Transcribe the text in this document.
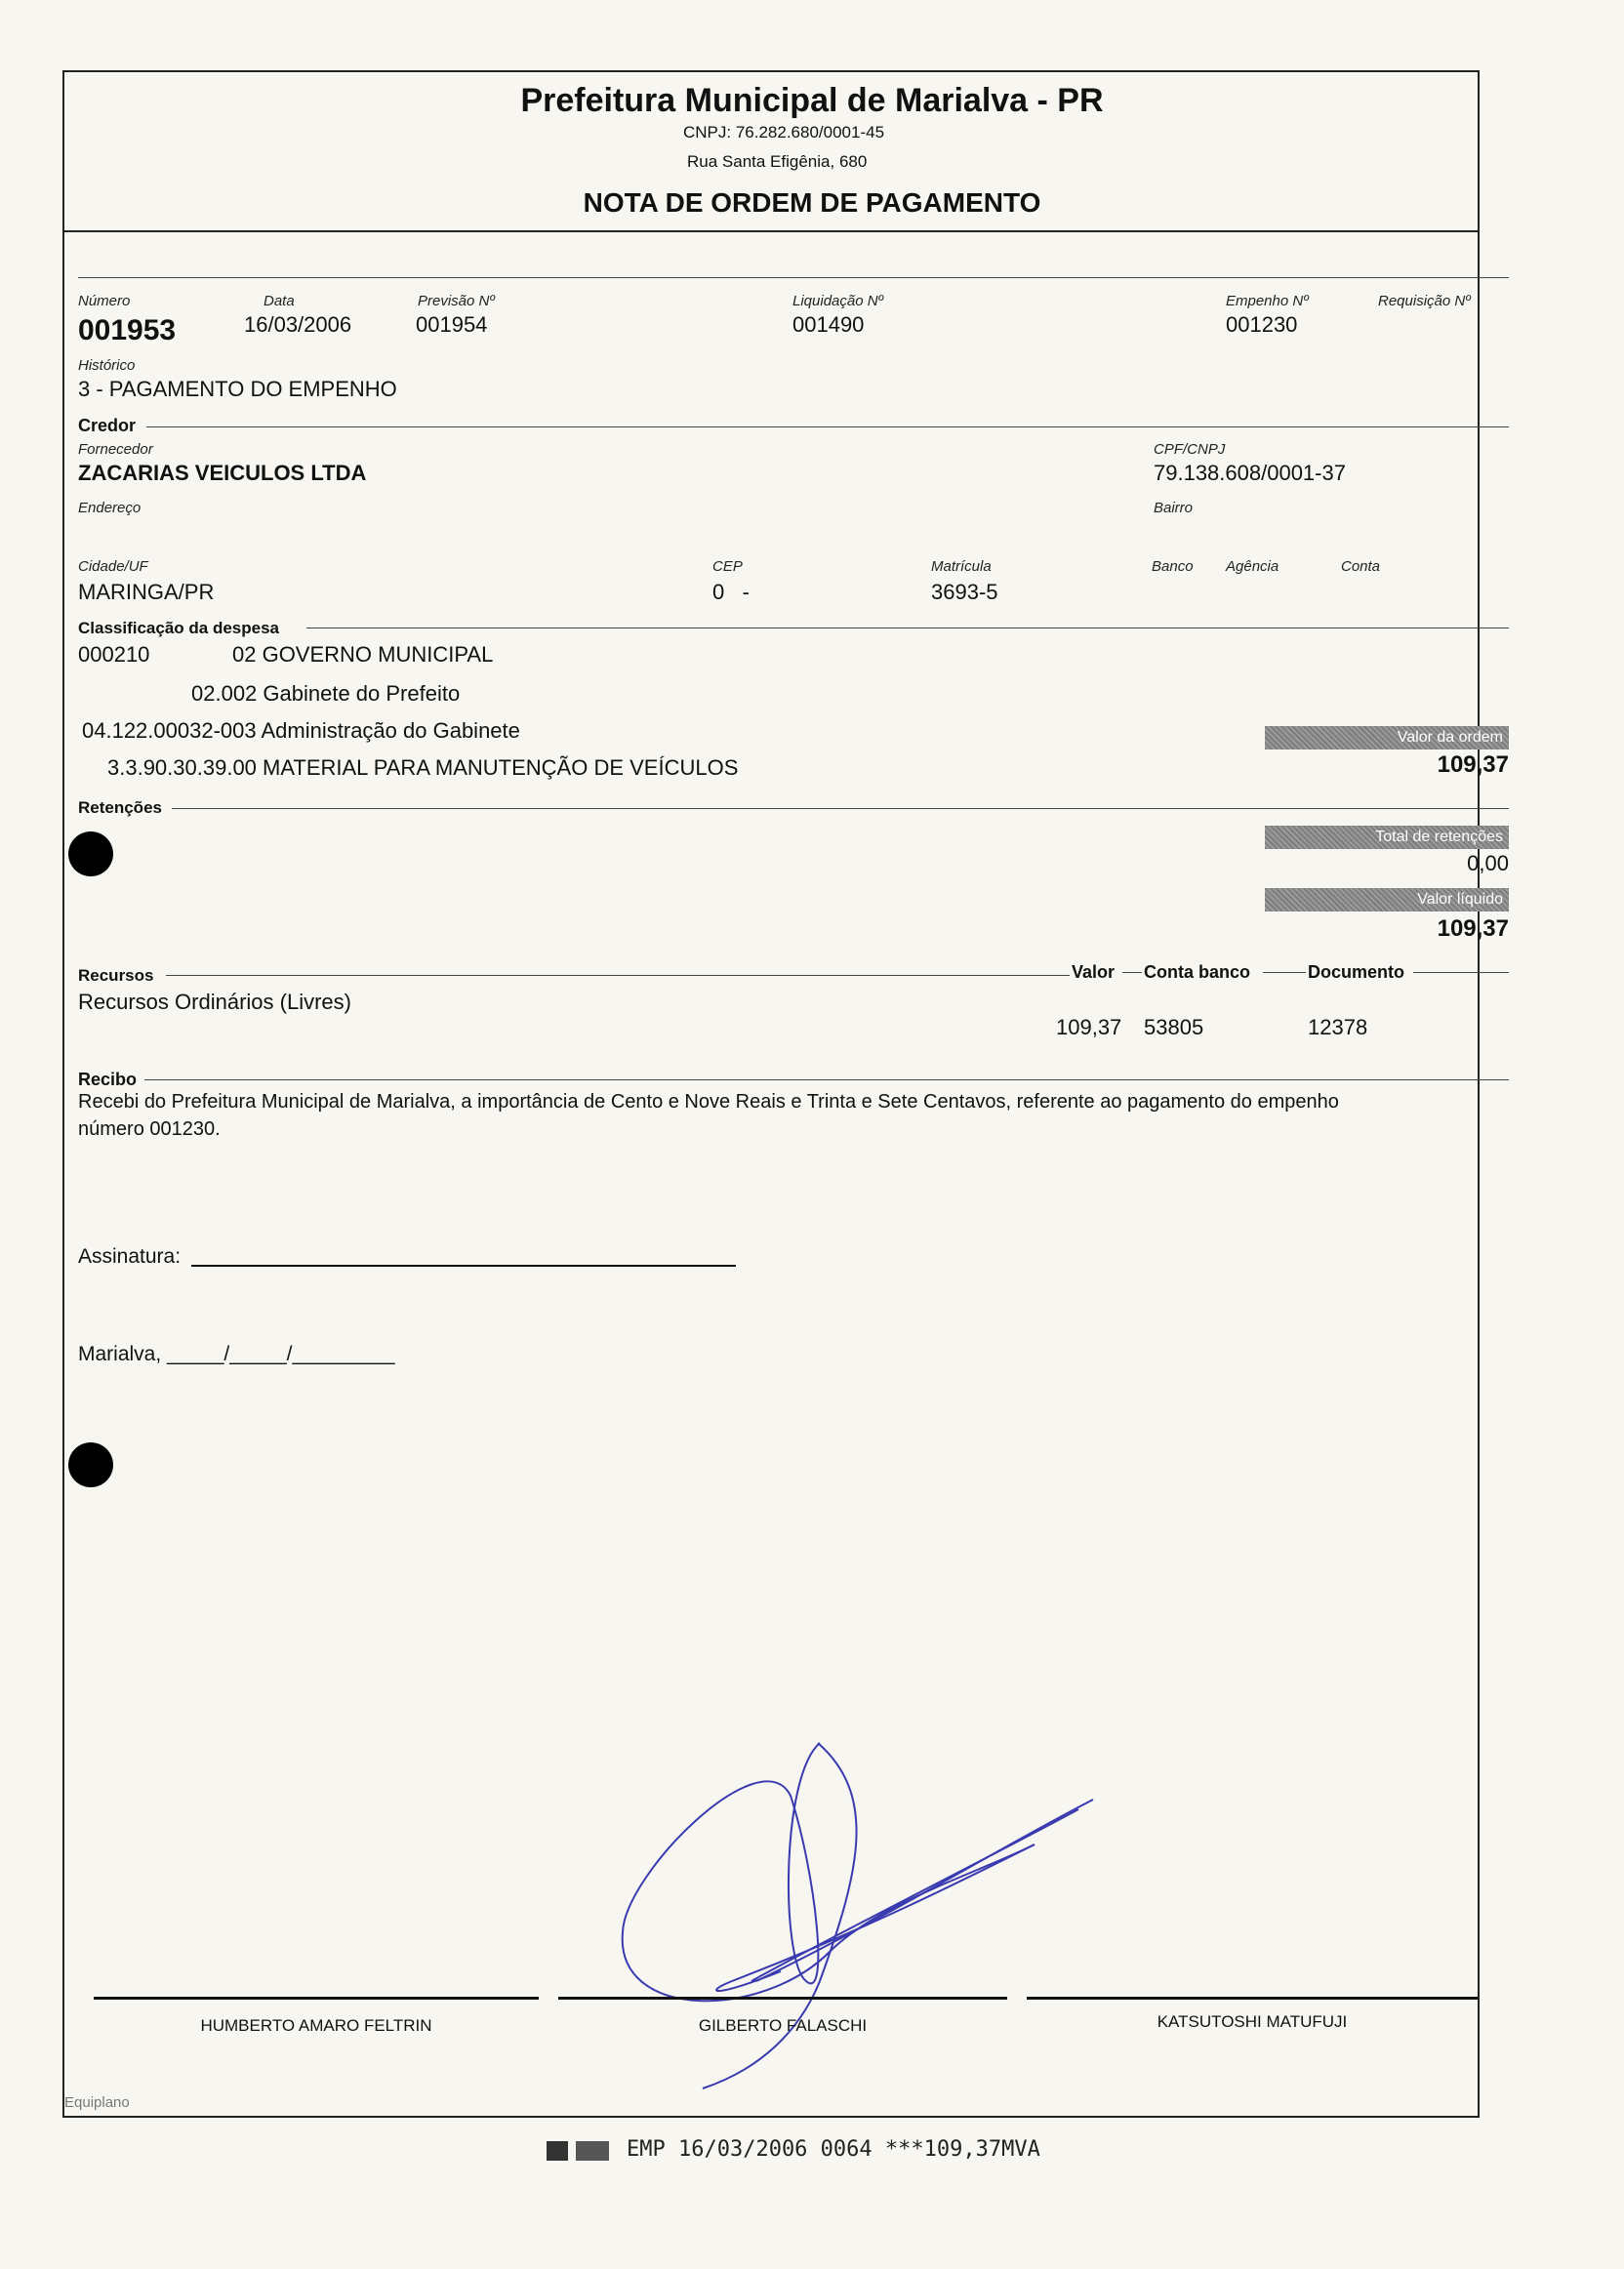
Prefeitura Municipal de Marialva - PR
CNPJ: 76.282.680/0001-45
Rua Santa Efigênia, 680
NOTA DE ORDEM DE PAGAMENTO
Número
001953
Data
16/03/2006
Previsão Nº
001954
Liquidação Nº
001490
Empenho Nº
001230
Requisição Nº
Histórico
3 - PAGAMENTO DO EMPENHO
Credor
Fornecedor
ZACARIAS VEICULOS LTDA
CPF/CNPJ
79.138.608/0001-37
Endereço	Bairro
Cidade/UF
MARINGA/PR
CEP
0   -
Matrícula
3693-5
Banco Agência	Conta
Classificação da despesa
000210	02 GOVERNO MUNICIPAL
02.002 Gabinete do Prefeito
04.122.00032-003 Administração do Gabinete
3.3.90.30.39.00 MATERIAL PARA MANUTENÇÃO DE VEÍCULOS
Valor da ordem
109,37
Retenções
Total de retenções
0,00
Valor líquido
109,37
Recursos	Valor Conta banco	Documento
Recursos Ordinários (Livres)
109,37 53805	12378
Recibo
Recebi do Prefeitura Municipal de Marialva, a importância de Cento e Nove Reais e Trinta e Sete Centavos, referente ao pagamento do empenho
número 001230.
Assinatura:
Marialva, _____/_____/_________
HUMBERTO AMARO FELTRIN	GILBERTO FALASCHI	KATSUTOSHI MATUFUJI
Equiplano
EMP 16/03/2006 0064 ***109,37MVA
